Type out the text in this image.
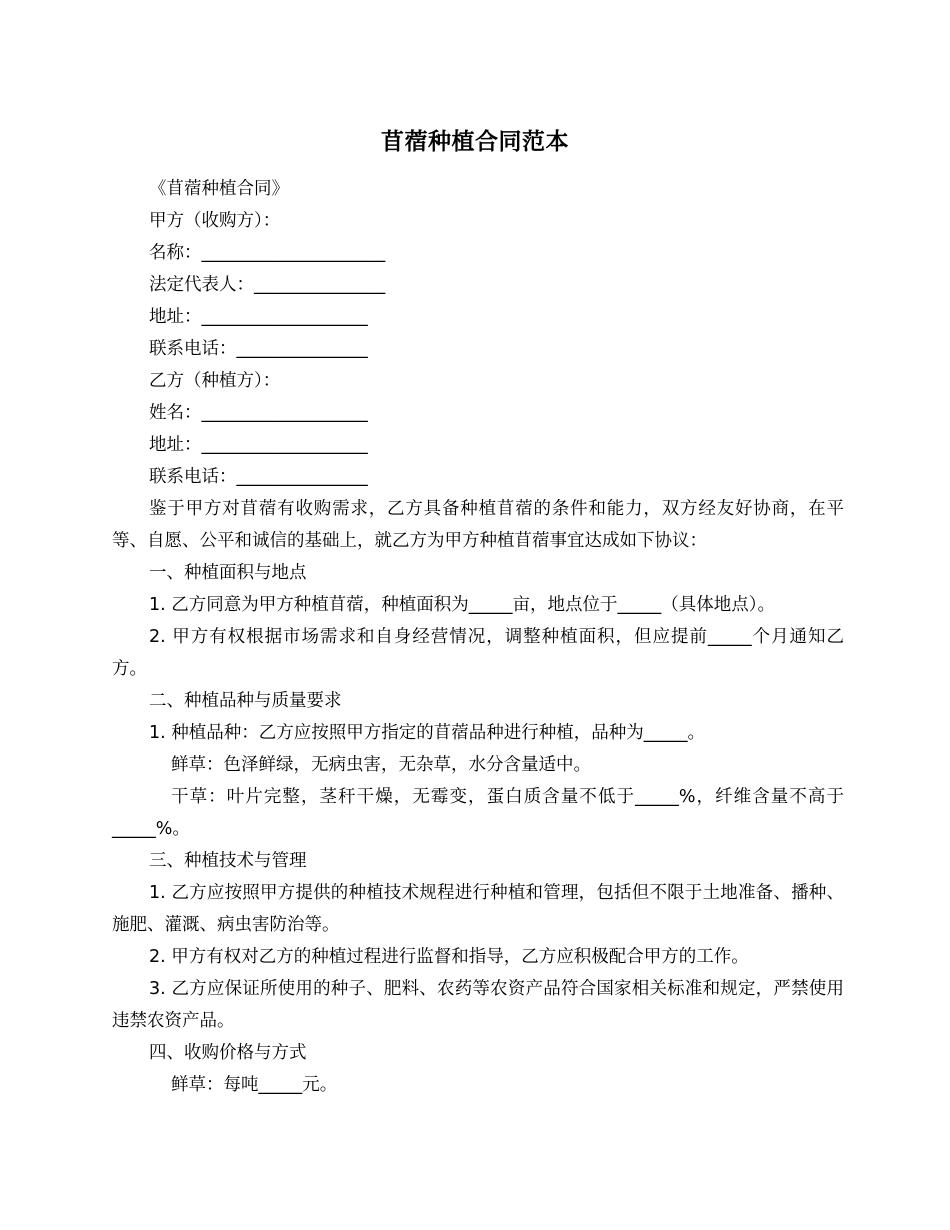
苜蓿种植合同范本

《苜蓿种植合同》

甲方（收购方）：

名称：_____________________

法定代表人：_______________

地址：___________________

联系电话：_______________

乙方（种植方）：

姓名：___________________

地址：___________________

联系电话：_______________

鉴于甲方对苜蓿有收购需求，乙方具备种植苜蓿的条件和能力，双方经友好协商，在平等、自愿、公平和诚信的基础上，就乙方为甲方种植苜蓿事宜达成如下协议：

一、种植面积与地点

1. 乙方同意为甲方种植苜蓿，种植面积为_____亩，地点位于_____（具体地点）。

2. 甲方有权根据市场需求和自身经营情况，调整种植面积，但应提前_____个月通知乙方。

二、种植品种与质量要求

1. 种植品种：乙方应按照甲方指定的苜蓿品种进行种植，品种为_____。

鲜草：色泽鲜绿，无病虫害，无杂草，水分含量适中。

干草：叶片完整，茎秆干燥，无霉变，蛋白质含量不低于_____%，纤维含量不高于_____%。

三、种植技术与管理

1. 乙方应按照甲方提供的种植技术规程进行种植和管理，包括但不限于土地准备、播种、施肥、灌溉、病虫害防治等。

2. 甲方有权对乙方的种植过程进行监督和指导，乙方应积极配合甲方的工作。

3. 乙方应保证所使用的种子、肥料、农药等农资产品符合国家相关标准和规定，严禁使用违禁农资产品。

四、收购价格与方式

鲜草：每吨_____元。
